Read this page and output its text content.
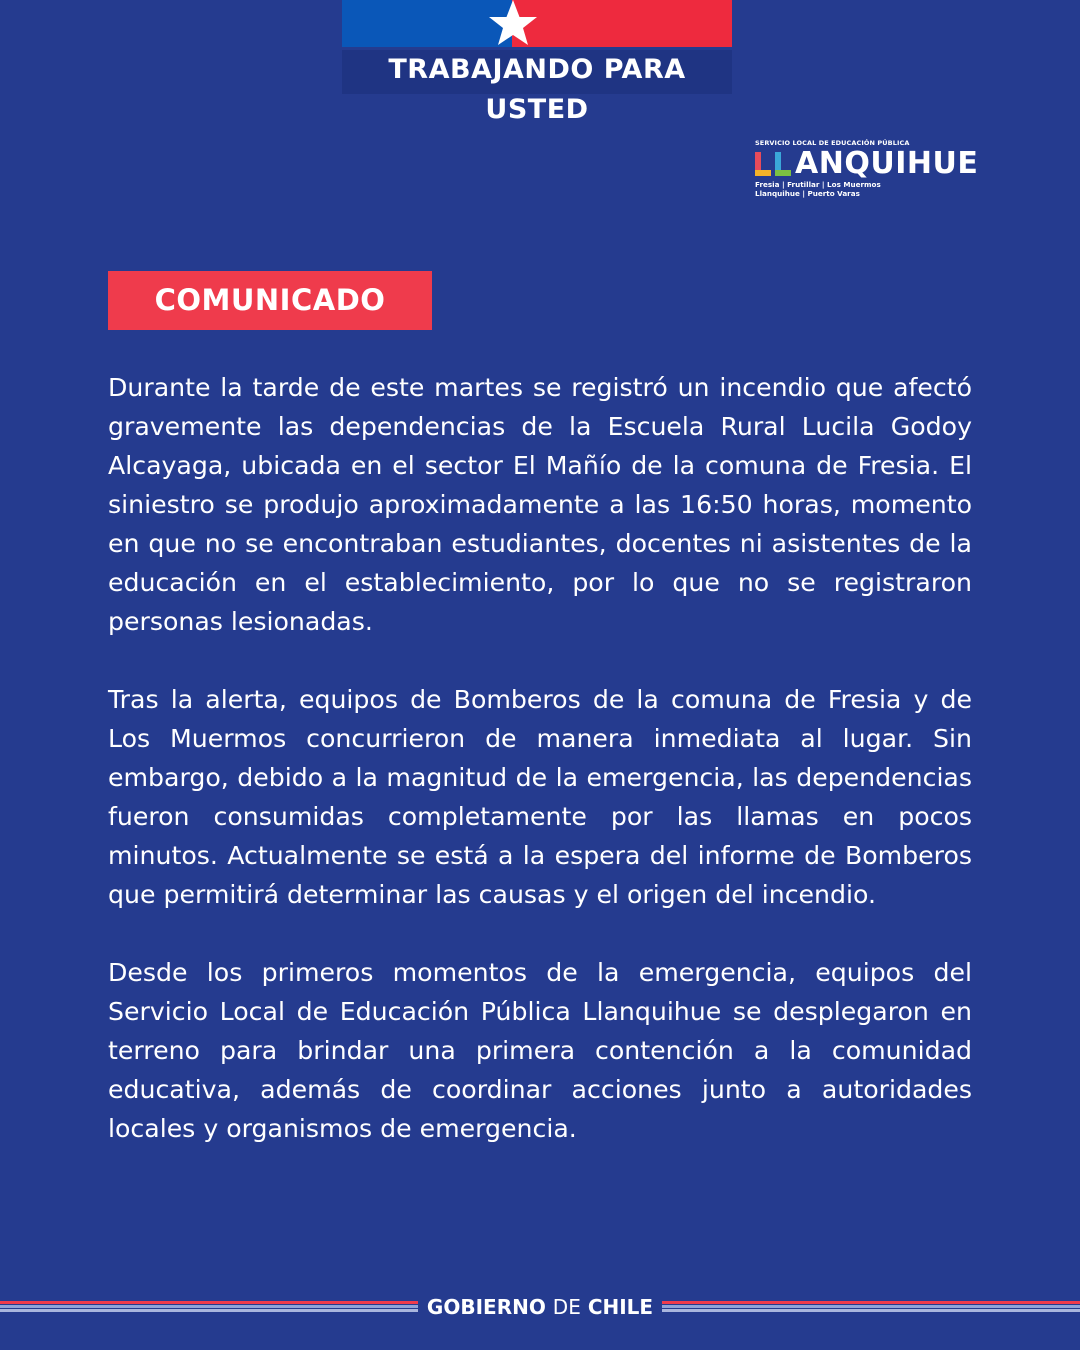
TRABAJANDO PARA USTED
SERVICIO LOCAL DE EDUCACIÓN PÚBLICA
ANQUIHUE
Fresia | Frutillar | Los Muermos
Llanquihue | Puerto Varas
COMUNICADO

Durante la tarde de este martes se registró un incendio que afectó gravemente las dependencias de la Escuela Rural Lucila Godoy Alcayaga, ubicada en el sector El Mañío de la comuna de Fresia. El siniestro se produjo aproximadamente a las 16:50 horas, momento en que no se encontraban estudiantes, docentes ni asistentes de la educación en el establecimiento, por lo que no se registraron personas lesionadas.

Tras la alerta, equipos de Bomberos de la comuna de Fresia y de Los Muermos concurrieron de manera inmediata al lugar. Sin embargo, debido a la magnitud de la emergencia, las dependencias fueron consumidas completamente por las llamas en pocos minutos. Actualmente se está a la espera del informe de Bomberos que permitirá determinar las causas y el origen del incendio.

Desde los primeros momentos de la emergencia, equipos del Servicio Local de Educación Pública Llanquihue se desplegaron en terreno para brindar una primera contención a la comunidad educativa, además de coordinar acciones junto a autoridades locales y organismos de emergencia.

GOBIERNO DE CHILE
